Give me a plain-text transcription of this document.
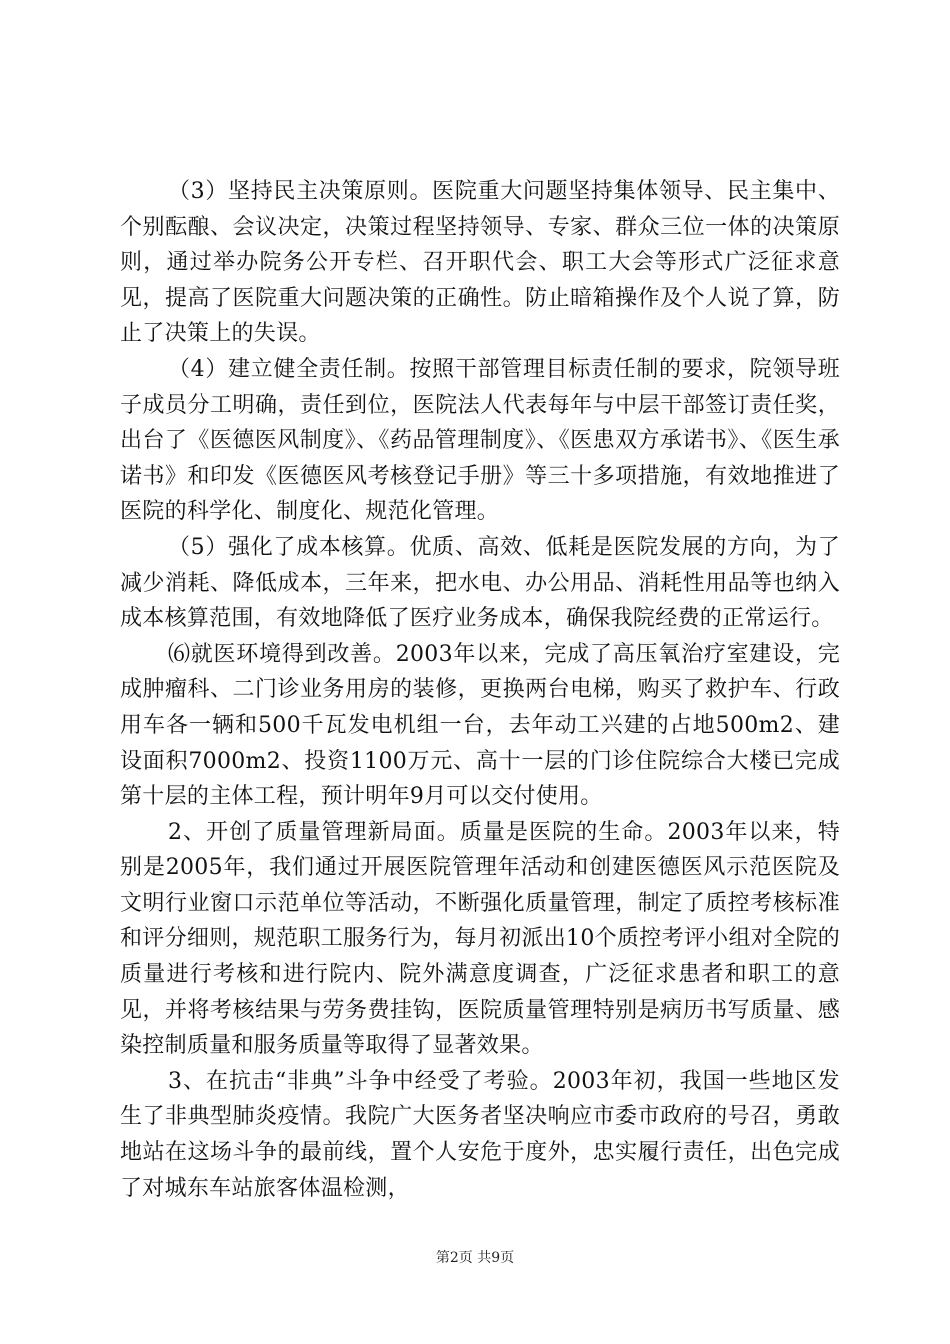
（3）坚持民主决策原则。医院重大问题坚持集体领导、民主集中、个别酝酿、会议决定，决策过程坚持领导、专家、群众三位一体的决策原则，通过举办院务公开专栏、召开职代会、职工大会等形式广泛征求意见，提高了医院重大问题决策的正确性。防止暗箱操作及个人说了算，防止了决策上的失误。

（4）建立健全责任制。按照干部管理目标责任制的要求，院领导班子成员分工明确，责任到位，医院法人代表每年与中层干部签订责任奖，出台了《医德医风制度》、《药品管理制度》、《医患双方承诺书》、《医生承诺书》和印发《医德医风考核登记手册》等三十多项措施，有效地推进了医院的科学化、制度化、规范化管理。

（5）强化了成本核算。优质、高效、低耗是医院发展的方向，为了减少消耗、降低成本，三年来，把水电、办公用品、消耗性用品等也纳入成本核算范围，有效地降低了医疗业务成本，确保我院经费的正常运行。

⑹就医环境得到改善。2003年以来，完成了高压氧治疗室建设，完成肿瘤科、二门诊业务用房的装修，更换两台电梯，购买了救护车、行政用车各一辆和500千瓦发电机组一台，去年动工兴建的占地500m2、建设面积7000m2、投资1100万元、高十一层的门诊住院综合大楼已完成第十层的主体工程，预计明年9月可以交付使用。

2、开创了质量管理新局面。质量是医院的生命。2003年以来，特别是2005年，我们通过开展医院管理年活动和创建医德医风示范医院及文明行业窗口示范单位等活动，不断强化质量管理，制定了质控考核标准和评分细则，规范职工服务行为，每月初派出10个质控考评小组对全院的质量进行考核和进行院内、院外满意度调查，广泛征求患者和职工的意见，并将考核结果与劳务费挂钩，医院质量管理特别是病历书写质量、感染控制质量和服务质量等取得了显著效果。

3、在抗击“非典”斗争中经受了考验。2003年初，我国一些地区发生了非典型肺炎疫情。我院广大医务者坚决响应市委市政府的号召，勇敢地站在这场斗争的最前线，置个人安危于度外，忠实履行责任，出色完成了对城东车站旅客体温检测，

第2页 共9页
